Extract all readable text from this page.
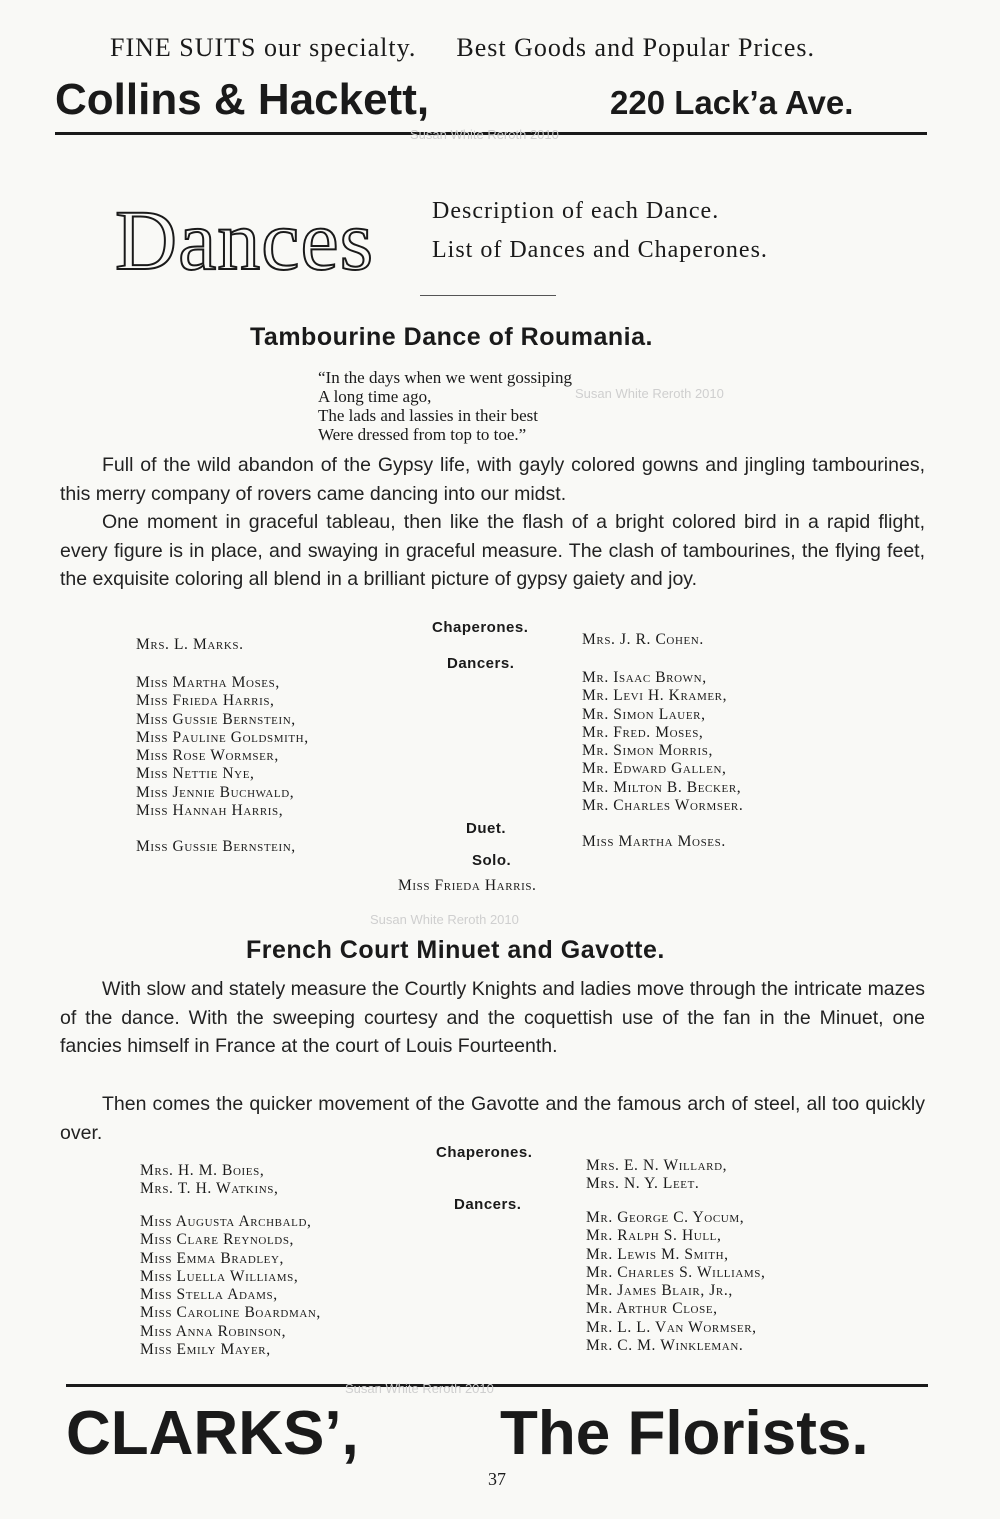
FINE SUITS our specialty. Best Goods and Popular Prices.
Collins & Hackett,	220 Lack’a Ave.
Susan White Reroth 2010
Dances Description of each Dance.
List of Dances and Chaperones.
Tambourine Dance of Roumania.
“In the days when we went gossiping
A long time ago,
The lads and lassies in their best
Were dressed from top to toe.”
Susan White Reroth 2010
Full of the wild abandon of the Gypsy life, with gayly colored gowns and jingling tambourines, this merry company of rovers came dancing into our midst.
One moment in graceful tableau, then like the flash of a bright colored bird in a rapid flight, every figure is in place, and swaying in graceful measure. The clash of tambourines, the flying feet, the exquisite coloring all blend in a brilliant picture of gypsy gaiety and joy.
Chaperones.
Mrs. L. Marks.	Mrs. J. R. Cohen.
Dancers.
Miss Martha Moses,
Miss Frieda Harris,
Miss Gussie Bernstein,
Miss Pauline Goldsmith,
Miss Rose Wormser,
Miss Nettie Nye,
Miss Jennie Buchwald,
Miss Hannah Harris,
Mr. Isaac Brown,
Mr. Levi H. Kramer,
Mr. Simon Lauer,
Mr. Fred. Moses,
Mr. Simon Morris,
Mr. Edward Gallen,
Mr. Milton B. Becker,
Mr. Charles Wormser.
Duet.
Miss Gussie Bernstein,	Miss Martha Moses.
Solo.
Miss Frieda Harris.
Susan White Reroth 2010
French Court Minuet and Gavotte.
With slow and stately measure the Courtly Knights and ladies move through the intricate mazes of the dance. With the sweeping courtesy and the coquettish use of the fan in the Minuet, one fancies himself in France at the court of Louis Fourteenth.
Then comes the quicker movement of the Gavotte and the famous arch of steel, all too quickly over.
Chaperones.
Mrs. H. M. Boies,
Mrs. T. H. Watkins,
Mrs. E. N. Willard,
Mrs. N. Y. Leet.
Dancers.
Miss Augusta Archbald,
Miss Clare Reynolds,
Miss Emma Bradley,
Miss Luella Williams,
Miss Stella Adams,
Miss Caroline Boardman,
Miss Anna Robinson,
Miss Emily Mayer,
Mr. George C. Yocum,
Mr. Ralph S. Hull,
Mr. Lewis M. Smith,
Mr. Charles S. Williams,
Mr. James Blair, Jr.,
Mr. Arthur Close,
Mr. L. L. Van Wormser,
Mr. C. M. Winkleman.
Susan White Reroth 2010
CLARKS’, The Florists.
37
